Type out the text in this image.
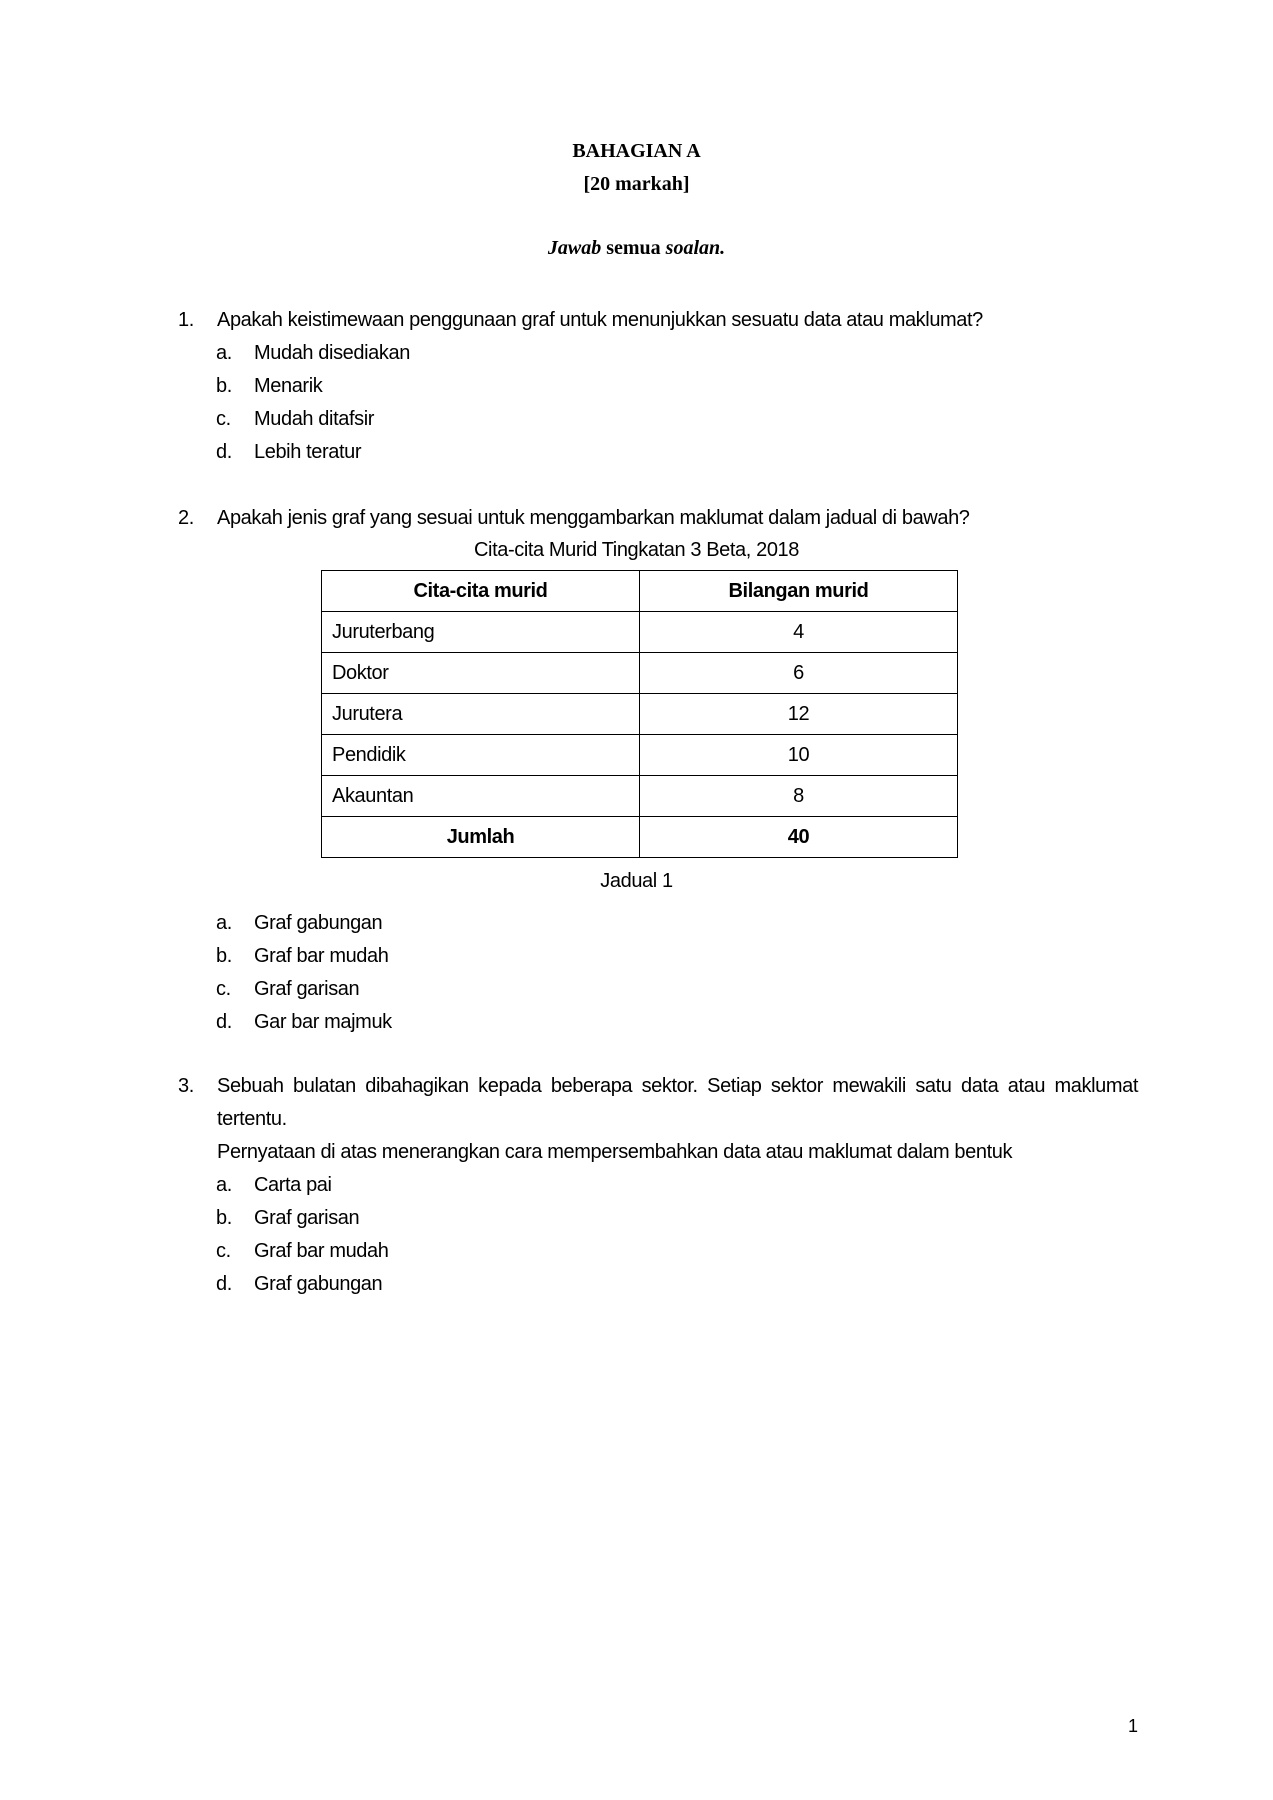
BAHAGIAN A
[20 markah]
Jawab semua soalan.
1. Apakah keistimewaan penggunaan graf untuk menunjukkan sesuatu data atau maklumat?
a. Mudah disediakan
b. Menarik
c. Mudah ditafsir
d. Lebih teratur
2. Apakah jenis graf yang sesuai untuk menggambarkan maklumat dalam jadual di bawah?
Cita-cita Murid Tingkatan 3 Beta, 2018
Cita-cita murid	Bilangan murid
Juruterbang	4
Doktor	6
Jurutera	12
Pendidik	10
Akauntan	8
Jumlah	40
Jadual 1
a. Graf gabungan
b. Graf bar mudah
c. Graf garisan
d. Gar bar majmuk
3. Sebuah bulatan dibahagikan kepada beberapa sektor. Setiap sektor mewakili satu data atau maklumat tertentu.
Pernyataan di atas menerangkan cara mempersembahkan data atau maklumat dalam bentuk
a. Carta pai
b. Graf garisan
c. Graf bar mudah
d. Graf gabungan
1
